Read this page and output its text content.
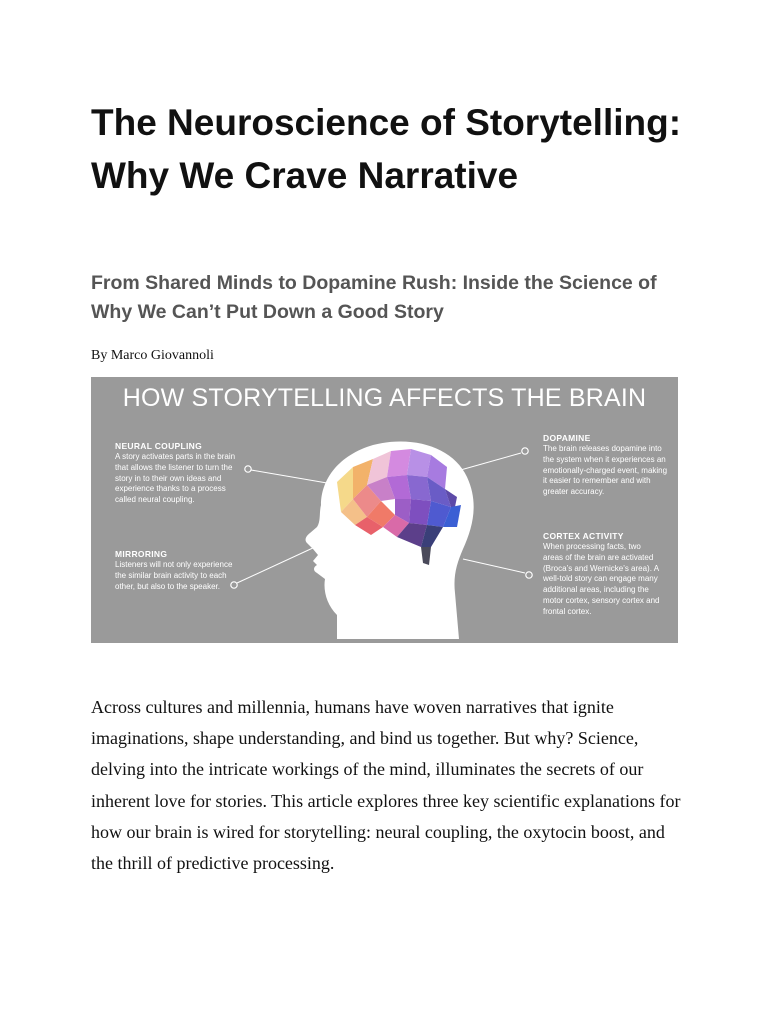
The Neuroscience of Storytelling: Why We Crave Narrative
From Shared Minds to Dopamine Rush: Inside the Science of Why We Can’t Put Down a Good Story
By Marco Giovannoli
HOW STORYTELLING AFFECTS THE BRAIN
NEURAL COUPLING
A story activates parts in the brain that allows the listener to turn the story in to their own ideas and experience thanks to a process called neural coupling.
MIRRORING
Listeners will not only experience the similar brain activity to each other, but also to the speaker.
DOPAMINE
The brain releases dopamine into the system when it experiences an emotionally-charged event, making it easier to remember and with greater accuracy.
CORTEX ACTIVITY
When processing facts, two areas of the brain are activated (Broca’s and Wernicke’s area). A well-told story can engage many additional areas, including the motor cortex, sensory cortex and frontal cortex.

Across cultures and millennia, humans have woven narratives that ignite imaginations, shape understanding, and bind us together. But why? Science, delving into the intricate workings of the mind, illuminates the secrets of our inherent love for stories. This article explores three key scientific explanations for how our brain is wired for storytelling: neural coupling, the oxytocin boost, and the thrill of predictive processing.
